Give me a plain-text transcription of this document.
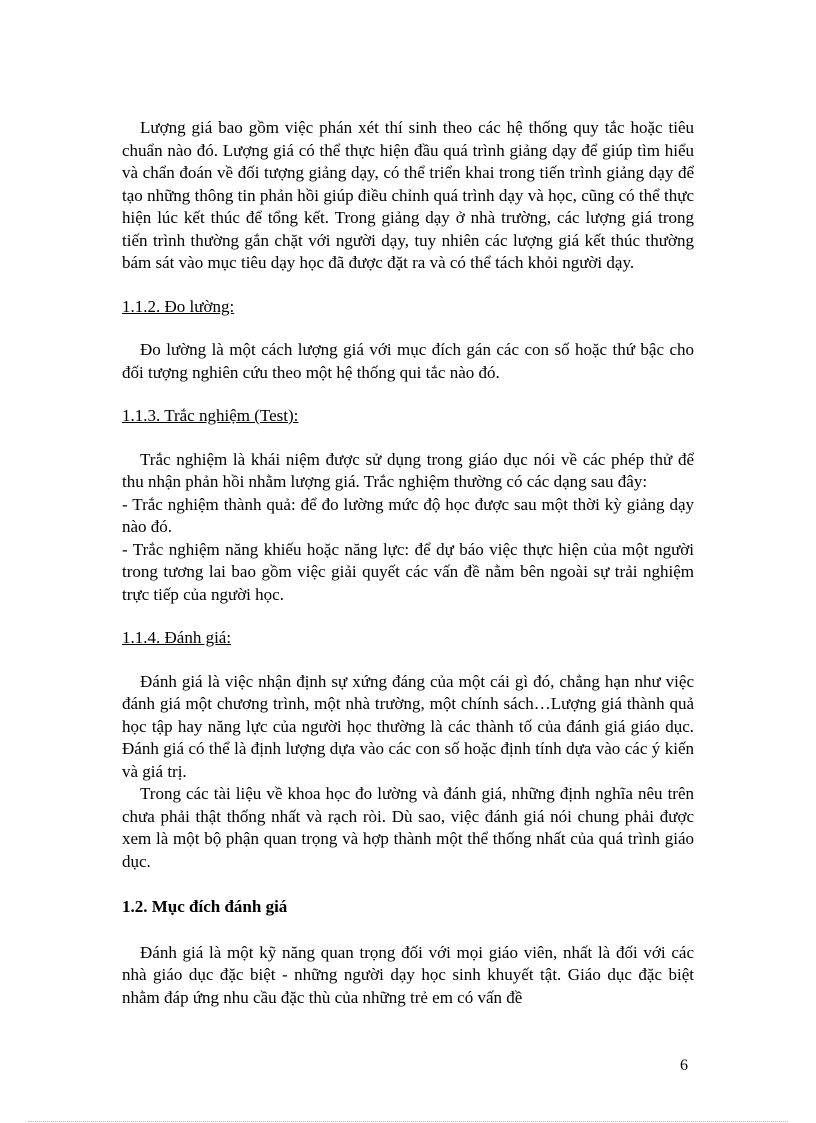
Lượng giá bao gồm việc phán xét thí sinh theo các hệ thống quy tắc hoặc tiêu chuẩn nào đó. Lượng giá có thể thực hiện đầu quá trình giảng dạy để giúp tìm hiểu và chẩn đoán về đối tượng giảng dạy, có thể triển khai trong tiến trình giảng dạy để tạo những thông tin phản hồi giúp điều chỉnh quá trình dạy và học, cũng có thể thực hiện lúc kết thúc để tổng kết. Trong giảng dạy ở nhà trường, các lượng giá trong tiến trình thường gắn chặt với người dạy, tuy nhiên các lượng giá kết thúc thường bám sát vào mục tiêu dạy học đã được đặt ra và có thể tách khỏi người dạy.

1.1.2. Đo lường:

Đo lường là một cách lượng giá với mục đích gán các con số hoặc thứ bậc cho đối tượng nghiên cứu theo một hệ thống qui tắc nào đó.

1.1.3. Trắc nghiệm (Test):

Trắc nghiệm là khái niệm được sử dụng trong giáo dục nói về các phép thử để thu nhận phản hồi nhằm lượng giá. Trắc nghiệm thường có các dạng sau đây:

- Trắc nghiệm thành quả: để đo lường mức độ học được sau một thời kỳ giảng dạy nào đó.

- Trắc nghiệm năng khiếu hoặc năng lực: để dự báo việc thực hiện của một người trong tương lai bao gồm việc giải quyết các vấn đề nằm bên ngoài sự trải nghiệm trực tiếp của người học.

1.1.4. Đánh giá:

Đánh giá là việc nhận định sự xứng đáng của một cái gì đó, chẳng hạn như việc đánh giá một chương trình, một nhà trường, một chính sách…Lượng giá thành quả học tập hay năng lực của người học thường là các thành tố của đánh giá giáo dục. Đánh giá có thể là định lượng dựa vào các con số hoặc định tính dựa vào các ý kiến và giá trị.

Trong các tài liệu về khoa học đo lường và đánh giá, những định nghĩa nêu trên chưa phải thật thống nhất và rạch ròi. Dù sao, việc đánh giá nói chung phải được xem là một bộ phận quan trọng và hợp thành một thể thống nhất của quá trình giáo dục.

1.2. Mục đích đánh giá

Đánh giá là một kỹ năng quan trọng đối với mọi giáo viên, nhất là đối với các nhà giáo dục đặc biệt - những người dạy học sinh khuyết tật. Giáo dục đặc biệt nhằm đáp ứng nhu cầu đặc thù của những trẻ em có vấn đề

6
